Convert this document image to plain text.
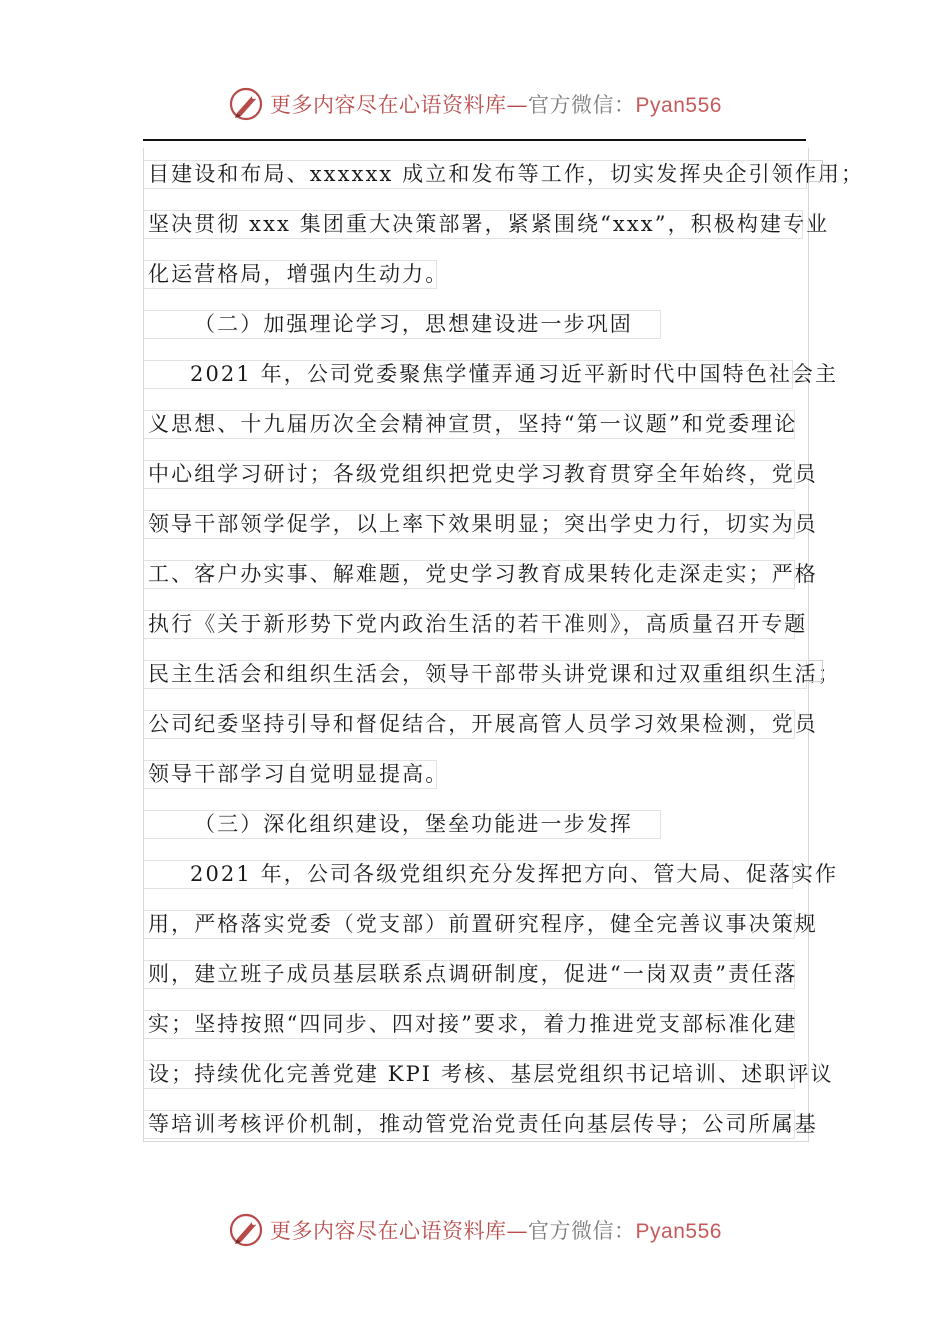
更多内容尽在心语资料库—官方微信：Pyan556
目建设和布局、xxxxxx 成立和发布等工作，切实发挥央企引领作用；
坚决贯彻 xxx 集团重大决策部署，紧紧围绕“xxx”，积极构建专业
化运营格局，增强内生动力。
（二）加强理论学习，思想建设进一步巩固
2021 年，公司党委聚焦学懂弄通习近平新时代中国特色社会主
义思想、十九届历次全会精神宣贯，坚持“第一议题”和党委理论
中心组学习研讨；各级党组织把党史学习教育贯穿全年始终，党员
领导干部领学促学，以上率下效果明显；突出学史力行，切实为员
工、客户办实事、解难题，党史学习教育成果转化走深走实；严格
执行《关于新形势下党内政治生活的若干准则》，高质量召开专题
民主生活会和组织生活会，领导干部带头讲党课和过双重组织生活；
公司纪委坚持引导和督促结合，开展高管人员学习效果检测，党员
领导干部学习自觉明显提高。
（三）深化组织建设，堡垒功能进一步发挥
2021 年，公司各级党组织充分发挥把方向、管大局、促落实作
用，严格落实党委（党支部）前置研究程序，健全完善议事决策规
则，建立班子成员基层联系点调研制度，促进“一岗双责”责任落
实；坚持按照“四同步、四对接”要求，着力推进党支部标准化建
设；持续优化完善党建 KPI 考核、基层党组织书记培训、述职评议
等培训考核评价机制，推动管党治党责任向基层传导；公司所属基
更多内容尽在心语资料库—官方微信：Pyan556
